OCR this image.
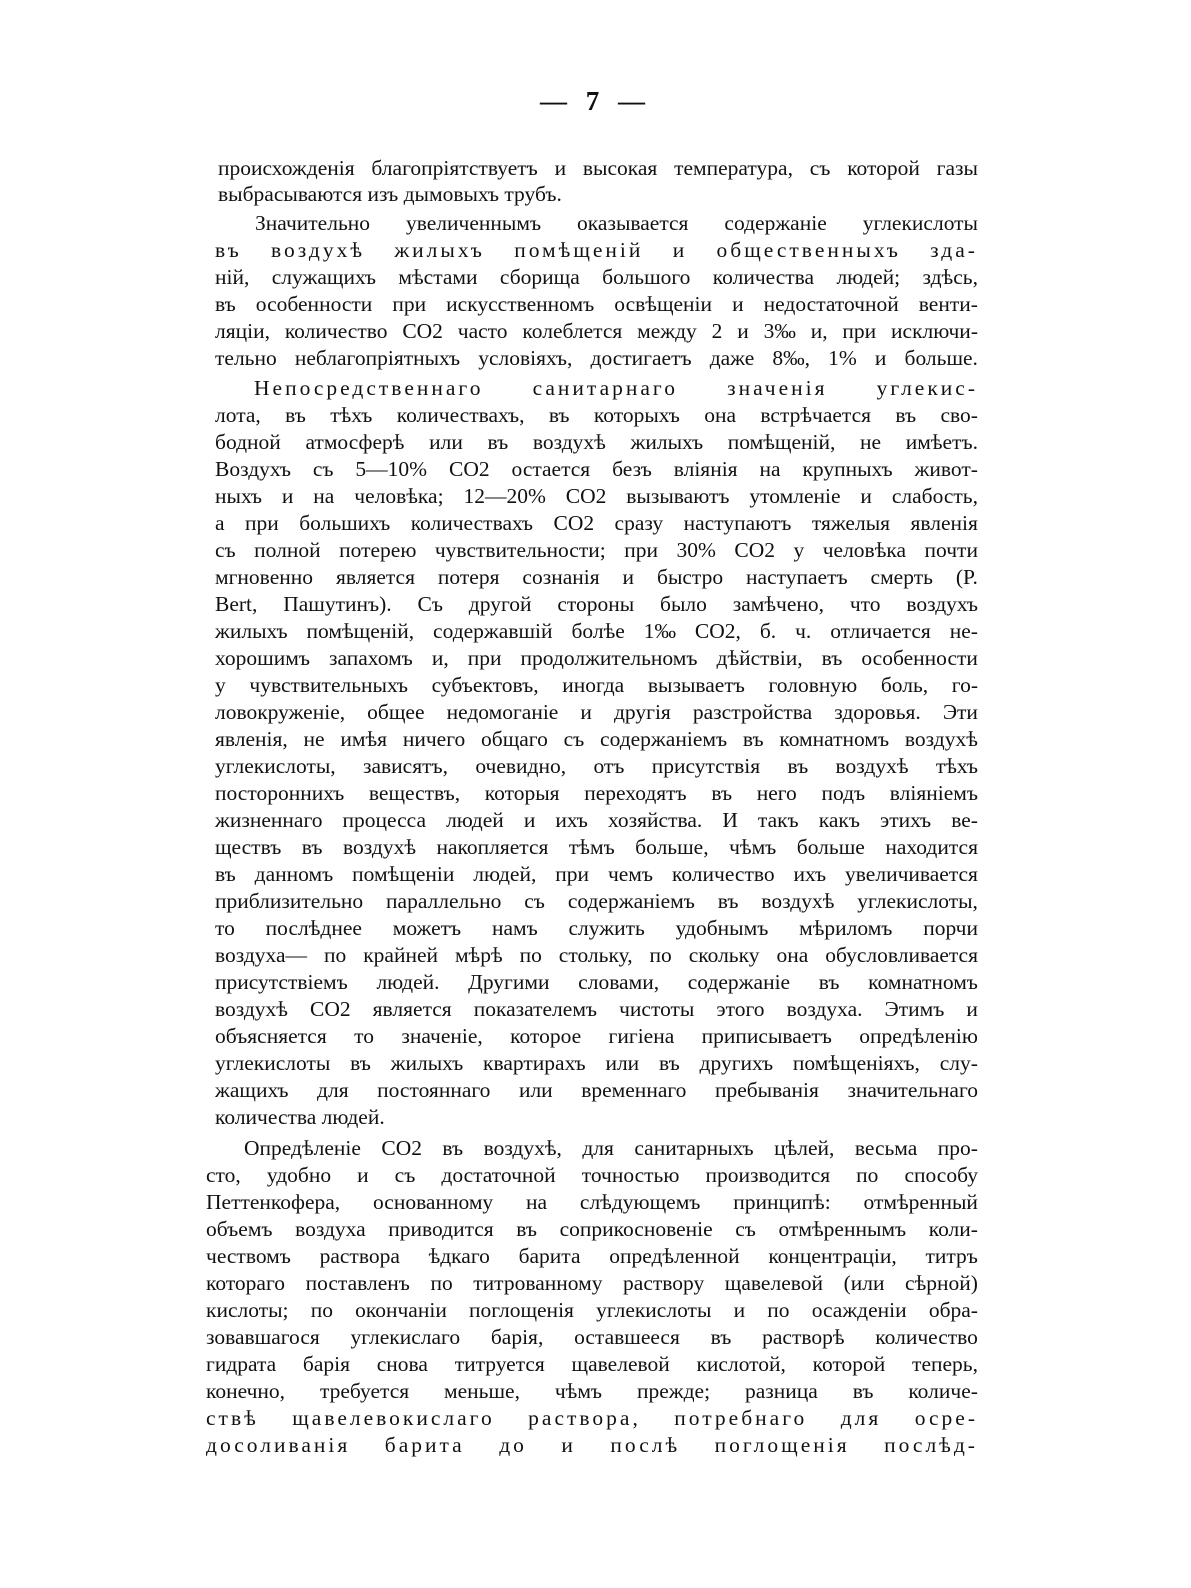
— 7 —
происхожденія благопріятствуетъ и высокая температура, съ которой газы
выбрасываются изъ дымовыхъ трубъ.
Значительно увеличеннымъ оказывается содержаніе углекислоты
въ воздухѣ жилыхъ помѣщеній и общественныхъ зда-
ній, служащихъ мѣстами сборища большого количества людей; здѣсь,
въ особенности при искусственномъ освѣщеніи и недостаточной венти-
ляціи, количество CO2 часто колеблется между 2 и 3‰ и, при исключи-
тельно неблагопріятныхъ условіяхъ, достигаетъ даже 8‰, 1% и больше.
Непосредственнаго санитарнаго значенія углекис-
лота, въ тѣхъ количествахъ, въ которыхъ она встрѣчается въ сво-
бодной атмосферѣ или въ воздухѣ жилыхъ помѣщеній, не имѣетъ.
Воздухъ съ 5—10% CO2 остается безъ вліянія на крупныхъ живот-
ныхъ и на человѣка; 12—20% CO2 вызываютъ утомленіе и слабость,
а при большихъ количествахъ CO2 сразу наступаютъ тяжелыя явленія
съ полной потерею чувствительности; при 30% CO2 у человѣка почти
мгновенно является потеря сознанія и быстро наступаетъ смерть (P.
Bert, Пашутинъ). Съ другой стороны было замѣчено, что воздухъ
жилыхъ помѣщеній, содержавшій болѣе 1‰ CO2, б. ч. отличается не-
хорошимъ запахомъ и, при продолжительномъ дѣйствіи, въ особенности
у чувствительныхъ субъектовъ, иногда вызываетъ головную боль, го-
ловокруженіе, общее недомоганіе и другія разстройства здоровья. Эти
явленія, не имѣя ничего общаго съ содержаніемъ въ комнатномъ воздухѣ
углекислоты, зависятъ, очевидно, отъ присутствія въ воздухѣ тѣхъ
постороннихъ веществъ, которыя переходятъ въ него подъ вліяніемъ
жизненнаго процесса людей и ихъ хозяйства. И такъ какъ этихъ ве-
ществъ въ воздухѣ накопляется тѣмъ больше, чѣмъ больше находится
въ данномъ помѣщеніи людей, при чемъ количество ихъ увеличивается
приблизительно параллельно съ содержаніемъ въ воздухѣ углекислоты,
то послѣднее можетъ намъ служить удобнымъ мѣриломъ порчи
воздуха— по крайней мѣрѣ по стольку, по скольку она обусловливается
присутствіемъ людей. Другими словами, содержаніе въ комнатномъ
воздухѣ CO2 является показателемъ чистоты этого воздуха. Этимъ и
объясняется то значеніе, которое гигіена приписываетъ опредѣленію
углекислоты въ жилыхъ квартирахъ или въ другихъ помѣщеніяхъ, слу-
жащихъ для постояннаго или временнаго пребыванія значительнаго
количества людей.
Опредѣленіе CO2 въ воздухѣ, для санитарныхъ цѣлей, весьма про-
сто, удобно и съ достаточной точностью производится по способу
Петтенкофера, основанному на слѣдующемъ принципѣ: отмѣренный
объемъ воздуха приводится въ соприкосновеніе съ отмѣреннымъ коли-
чествомъ раствора ѣдкаго барита опредѣленной концентраціи, титръ
котораго поставленъ по титрованному раствору щавелевой (или сѣрной)
кислоты; по окончаніи поглощенія углекислоты и по осажденіи обра-
зовавшагося углекислаго барія, оставшееся въ растворѣ количество
гидрата барія снова титруется щавелевой кислотой, которой теперь,
конечно, требуется меньше, чѣмъ прежде; разница въ количе-
ствѣ щавелевокислаго раствора, потребнаго для осре-
досоливанія барита до и послѣ поглощенія послѣд-
